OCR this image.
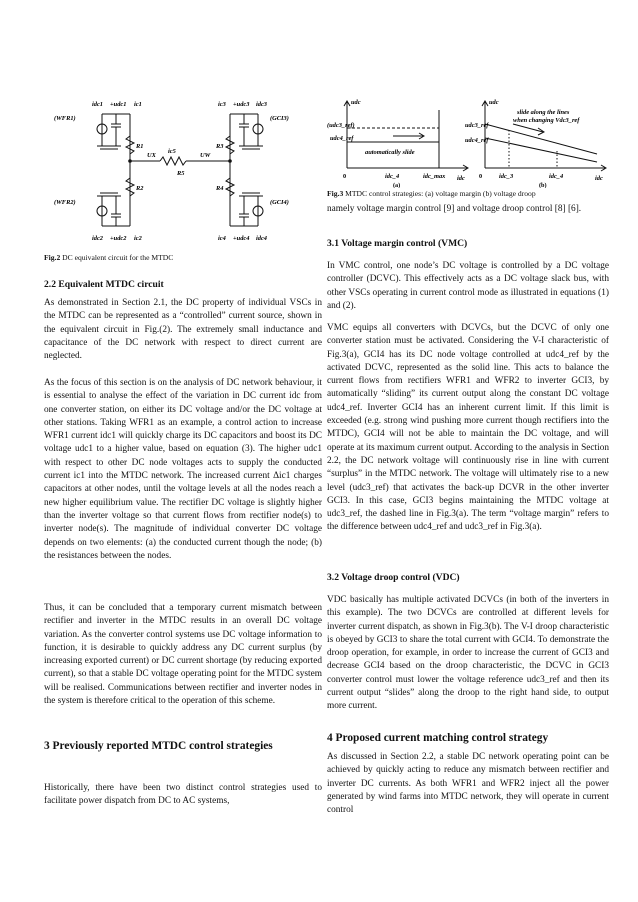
idc1 +udc1 ic1	ic3 +udc3 idc3
(WFR1)	(GCI3)
R1	R3
UX
ic5
UW
R5
R2	R4
(WFR2)	(GCI4)
idc2 +udc2 ic2	ic4 +udc4 idc4
Fig.2 DC equivalent circuit for the MTDC
udc
idc
(udc3_ref)
udc4_ref
automatically slide
0	idc_4	idc_max
(a)
udc
idc
slide along the lines
when changing Vdc3_ref
udc3_ref
udc4_ref
0	idc_3	idc_4
(b)
Fig.3 MTDC control strategies: (a) voltage margin (b) voltage droop
2.2 Equivalent MTDC circuit
As demonstrated in Section 2.1, the DC property of individual VSCs in the MTDC can be represented as a “controlled” current source, shown in the equivalent circuit in Fig.(2). The extremely small inductance and capacitance of the DC network with respect to direct current are neglected.
As the focus of this section is on the analysis of DC network behaviour, it is essential to analyse the effect of the variation in DC current idc from one converter station, on either its DC voltage and/or the DC voltage at other stations. Taking WFR1 as an example, a control action to increase WFR1 current idc1 will quickly charge its DC capacitors and boost its DC voltage udc1 to a higher value, based on equation (3). The higher udc1 with respect to other DC node voltages acts to supply the conducted current ic1 into the MTDC network. The increased current Δic1 charges capacitors at other nodes, until the voltage levels at all the nodes reach a new higher equilibrium value. The rectifier DC voltage is slightly higher than the inverter voltage so that current flows from rectifier node(s) to inverter node(s). The magnitude of individual converter DC voltage depends on two elements: (a) the conducted current though the node; (b) the resistances between the nodes.
Thus, it can be concluded that a temporary current mismatch between rectifier and inverter in the MTDC results in an overall DC voltage variation. As the converter control systems use DC voltage information to function, it is desirable to quickly address any DC current surplus (by increasing exported current) or DC current shortage (by reducing exported current), so that a stable DC voltage operating point for the MTDC system will be realised. Communications between rectifier and inverter nodes in the system is therefore critical to the operation of this scheme.
3 Previously reported MTDC control strategies
Historically, there have been two distinct control strategies used to facilitate power dispatch from DC to AC systems,
namely voltage margin control [9] and voltage droop control [8] [6].
3.1 Voltage margin control (VMC)
In VMC control, one node’s DC voltage is controlled by a DC voltage controller (DCVC). This effectively acts as a DC voltage slack bus, with other VSCs operating in current control mode as illustrated in equations (1) and (2).
VMC equips all converters with DCVCs, but the DCVC of only one converter station must be activated. Considering the V-I characteristic of Fig.3(a), GCI4 has its DC node voltage controlled at udc4_ref by the activated DCVC, represented as the solid line. This acts to balance the current flows from rectifiers WFR1 and WFR2 to inverter GCI3, by automatically “sliding” its current output along the constant DC voltage udc4_ref. Inverter GCI4 has an inherent current limit. If this limit is exceeded (e.g. strong wind pushing more current though rectifiers into the MTDC), GCI4 will not be able to maintain the DC voltage, and will operate at its maximum current output. According to the analysis in Section 2.2, the DC network voltage will continuously rise in line with current “surplus” in the MTDC network. The voltage will ultimately rise to a new level (udc3_ref) that activates the back-up DCVR in the other inverter GCI3. In this case, GCI3 begins maintaining the MTDC voltage at udc3_ref, the dashed line in Fig.3(a). The term “voltage margin” refers to the difference between udc4_ref and udc3_ref in Fig.3(a).
3.2 Voltage droop control (VDC)
VDC basically has multiple activated DCVCs (in both of the inverters in this example). The two DCVCs are controlled at different levels for inverter current dispatch, as shown in Fig.3(b). The V-I droop characteristic is obeyed by GCI3 to share the total current with GCI4. To demonstrate the droop operation, for example, in order to increase the current of GCI3 and decrease GCI4 based on the droop characteristic, the DCVC in GCI3 converter control must lower the voltage reference udc3_ref and then its current output “slides” along the droop to the right hand side, to output more current.
4 Proposed current matching control strategy
As discussed in Section 2.2, a stable DC network operating point can be achieved by quickly acting to reduce any mismatch between rectifier and inverter DC currents. As both WFR1 and WFR2 inject all the power generated by wind farms into MTDC network, they will operate in current control
